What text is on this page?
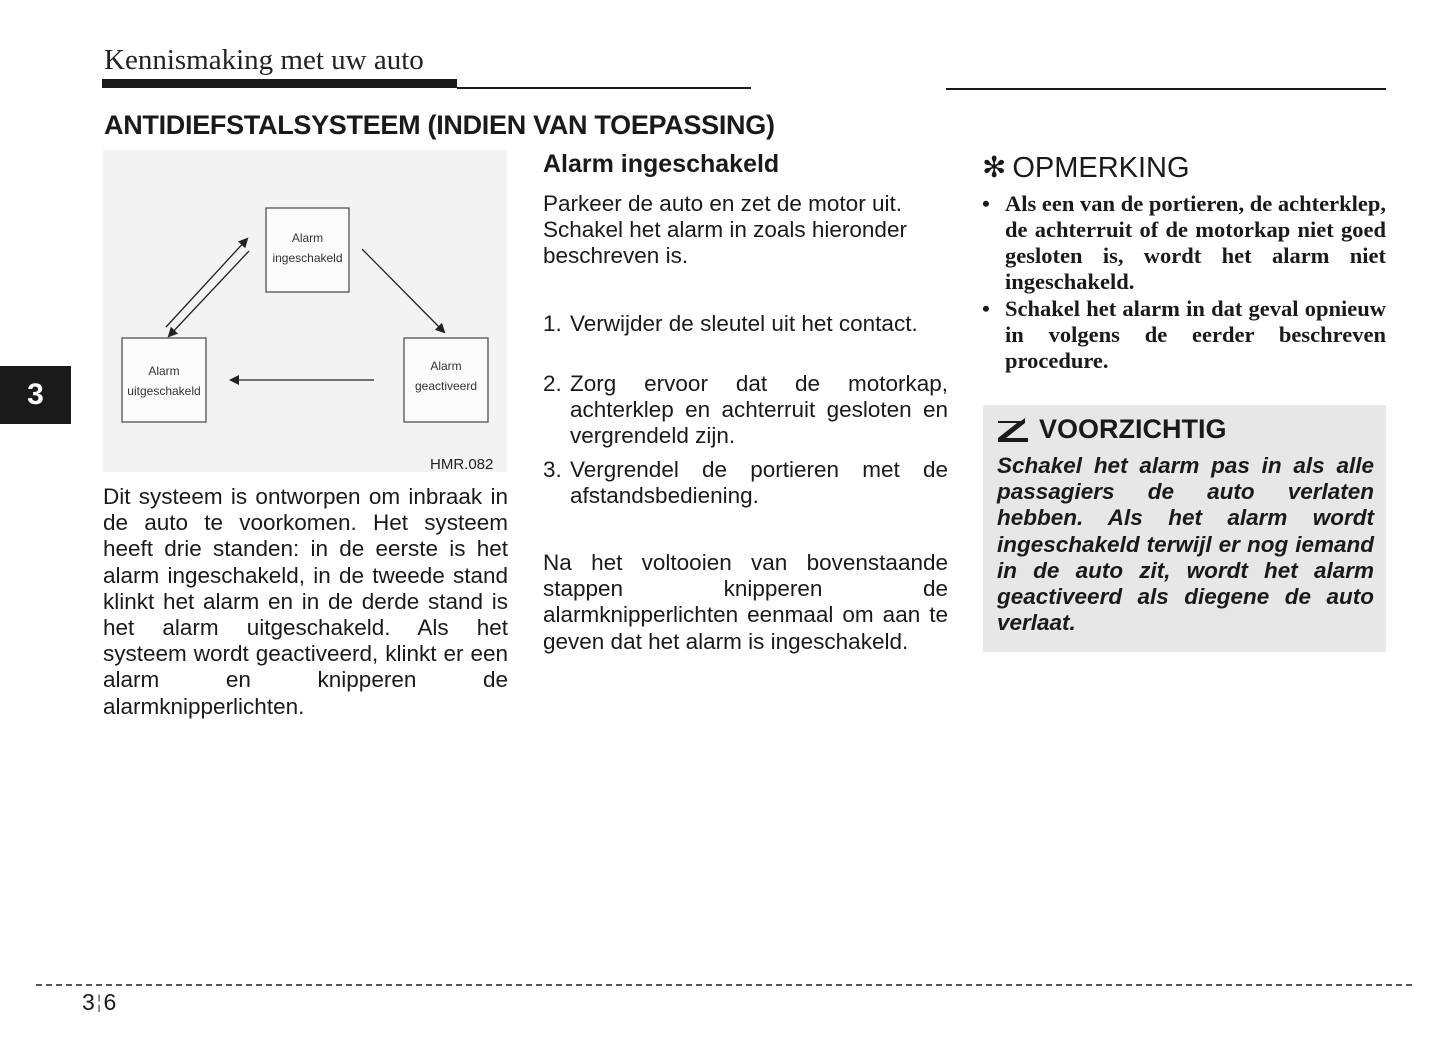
Kennismaking met uw auto
ANTIDIEFSTALSYSTEEM (INDIEN VAN TOEPASSING)
3
Alarm
ingeschakeld
Alarm
geactiveerd
Alarm
uitgeschakeld
HMR.082
Dit systeem is ontworpen om inbraak in de auto te voorkomen. Het systeem heeft drie standen: in de eerste is het alarm ingeschakeld, in de tweede stand klinkt het alarm en in de derde stand is het alarm uitgeschakeld. Als het systeem wordt geactiveerd, klinkt er een alarm en knipperen de alarmknipperlichten.
Alarm ingeschakeld
Parkeer de auto en zet de motor uit.
Schakel het alarm in zoals hieronder
beschreven is.
1. Verwijder de sleutel uit het contact.
2. Zorg ervoor dat de motorkap, achterklep en achterruit gesloten en vergrendeld zijn.
3. Vergrendel de portieren met de afstandsbediening.
Na het voltooien van bovenstaande stappen knipperen de alarmknipperlichten eenmaal om aan te geven dat het alarm is ingeschakeld.
✻ OPMERKING
• Als een van de portieren, de achterklep, de achterruit of de motorkap niet goed gesloten is, wordt het alarm niet ingeschakeld.
• Schakel het alarm in dat geval opnieuw in volgens de eerder beschreven procedure.
VOORZICHTIG
Schakel het alarm pas in als alle passagiers de auto verlaten hebben. Als het alarm wordt ingeschakeld terwijl er nog iemand in de auto zit, wordt het alarm geactiveerd als diegene de auto verlaat.
3 ¦6
